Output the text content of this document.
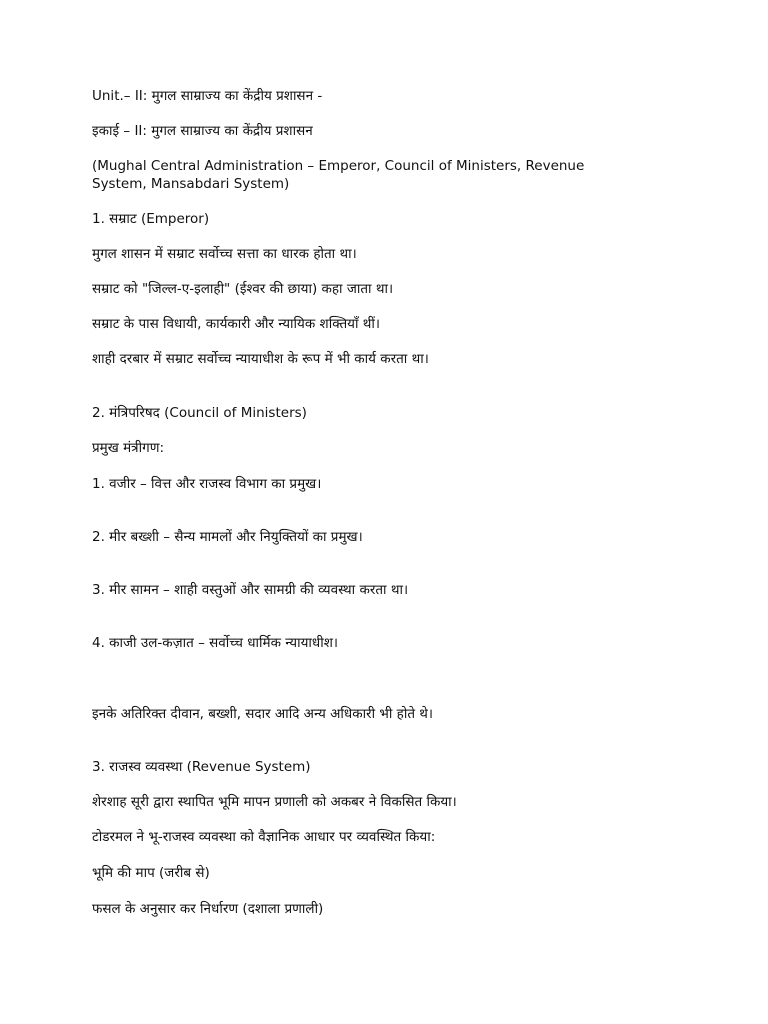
Unit.– II: मुगल साम्राज्य का केंद्रीय प्रशासन -
इकाई – II: मुगल साम्राज्य का केंद्रीय प्रशासन
(Mughal Central Administration – Emperor, Council of Ministers, Revenue System, Mansabdari System)
1. सम्राट (Emperor)
मुगल शासन में सम्राट सर्वोच्च सत्ता का धारक होता था।
सम्राट को "जिल्ल-ए-इलाही" (ईश्वर की छाया) कहा जाता था।
सम्राट के पास विधायी, कार्यकारी और न्यायिक शक्तियाँ थीं।
शाही दरबार में सम्राट सर्वोच्च न्यायाधीश के रूप में भी कार्य करता था।
2. मंत्रिपरिषद (Council of Ministers)
प्रमुख मंत्रीगण:
1. वजीर – वित्त और राजस्व विभाग का प्रमुख।
2. मीर बख्शी – सैन्य मामलों और नियुक्तियों का प्रमुख।
3. मीर सामन – शाही वस्तुओं और सामग्री की व्यवस्था करता था।
4. काजी उल-कज़ात – सर्वोच्च धार्मिक न्यायाधीश।
इनके अतिरिक्त दीवान, बख्शी, सदार आदि अन्य अधिकारी भी होते थे।
3. राजस्व व्यवस्था (Revenue System)
शेरशाह सूरी द्वारा स्थापित भूमि मापन प्रणाली को अकबर ने विकसित किया।
टोडरमल ने भू-राजस्व व्यवस्था को वैज्ञानिक आधार पर व्यवस्थित किया:
भूमि की माप (जरीब से)
फसल के अनुसार कर निर्धारण (दशाला प्रणाली)
